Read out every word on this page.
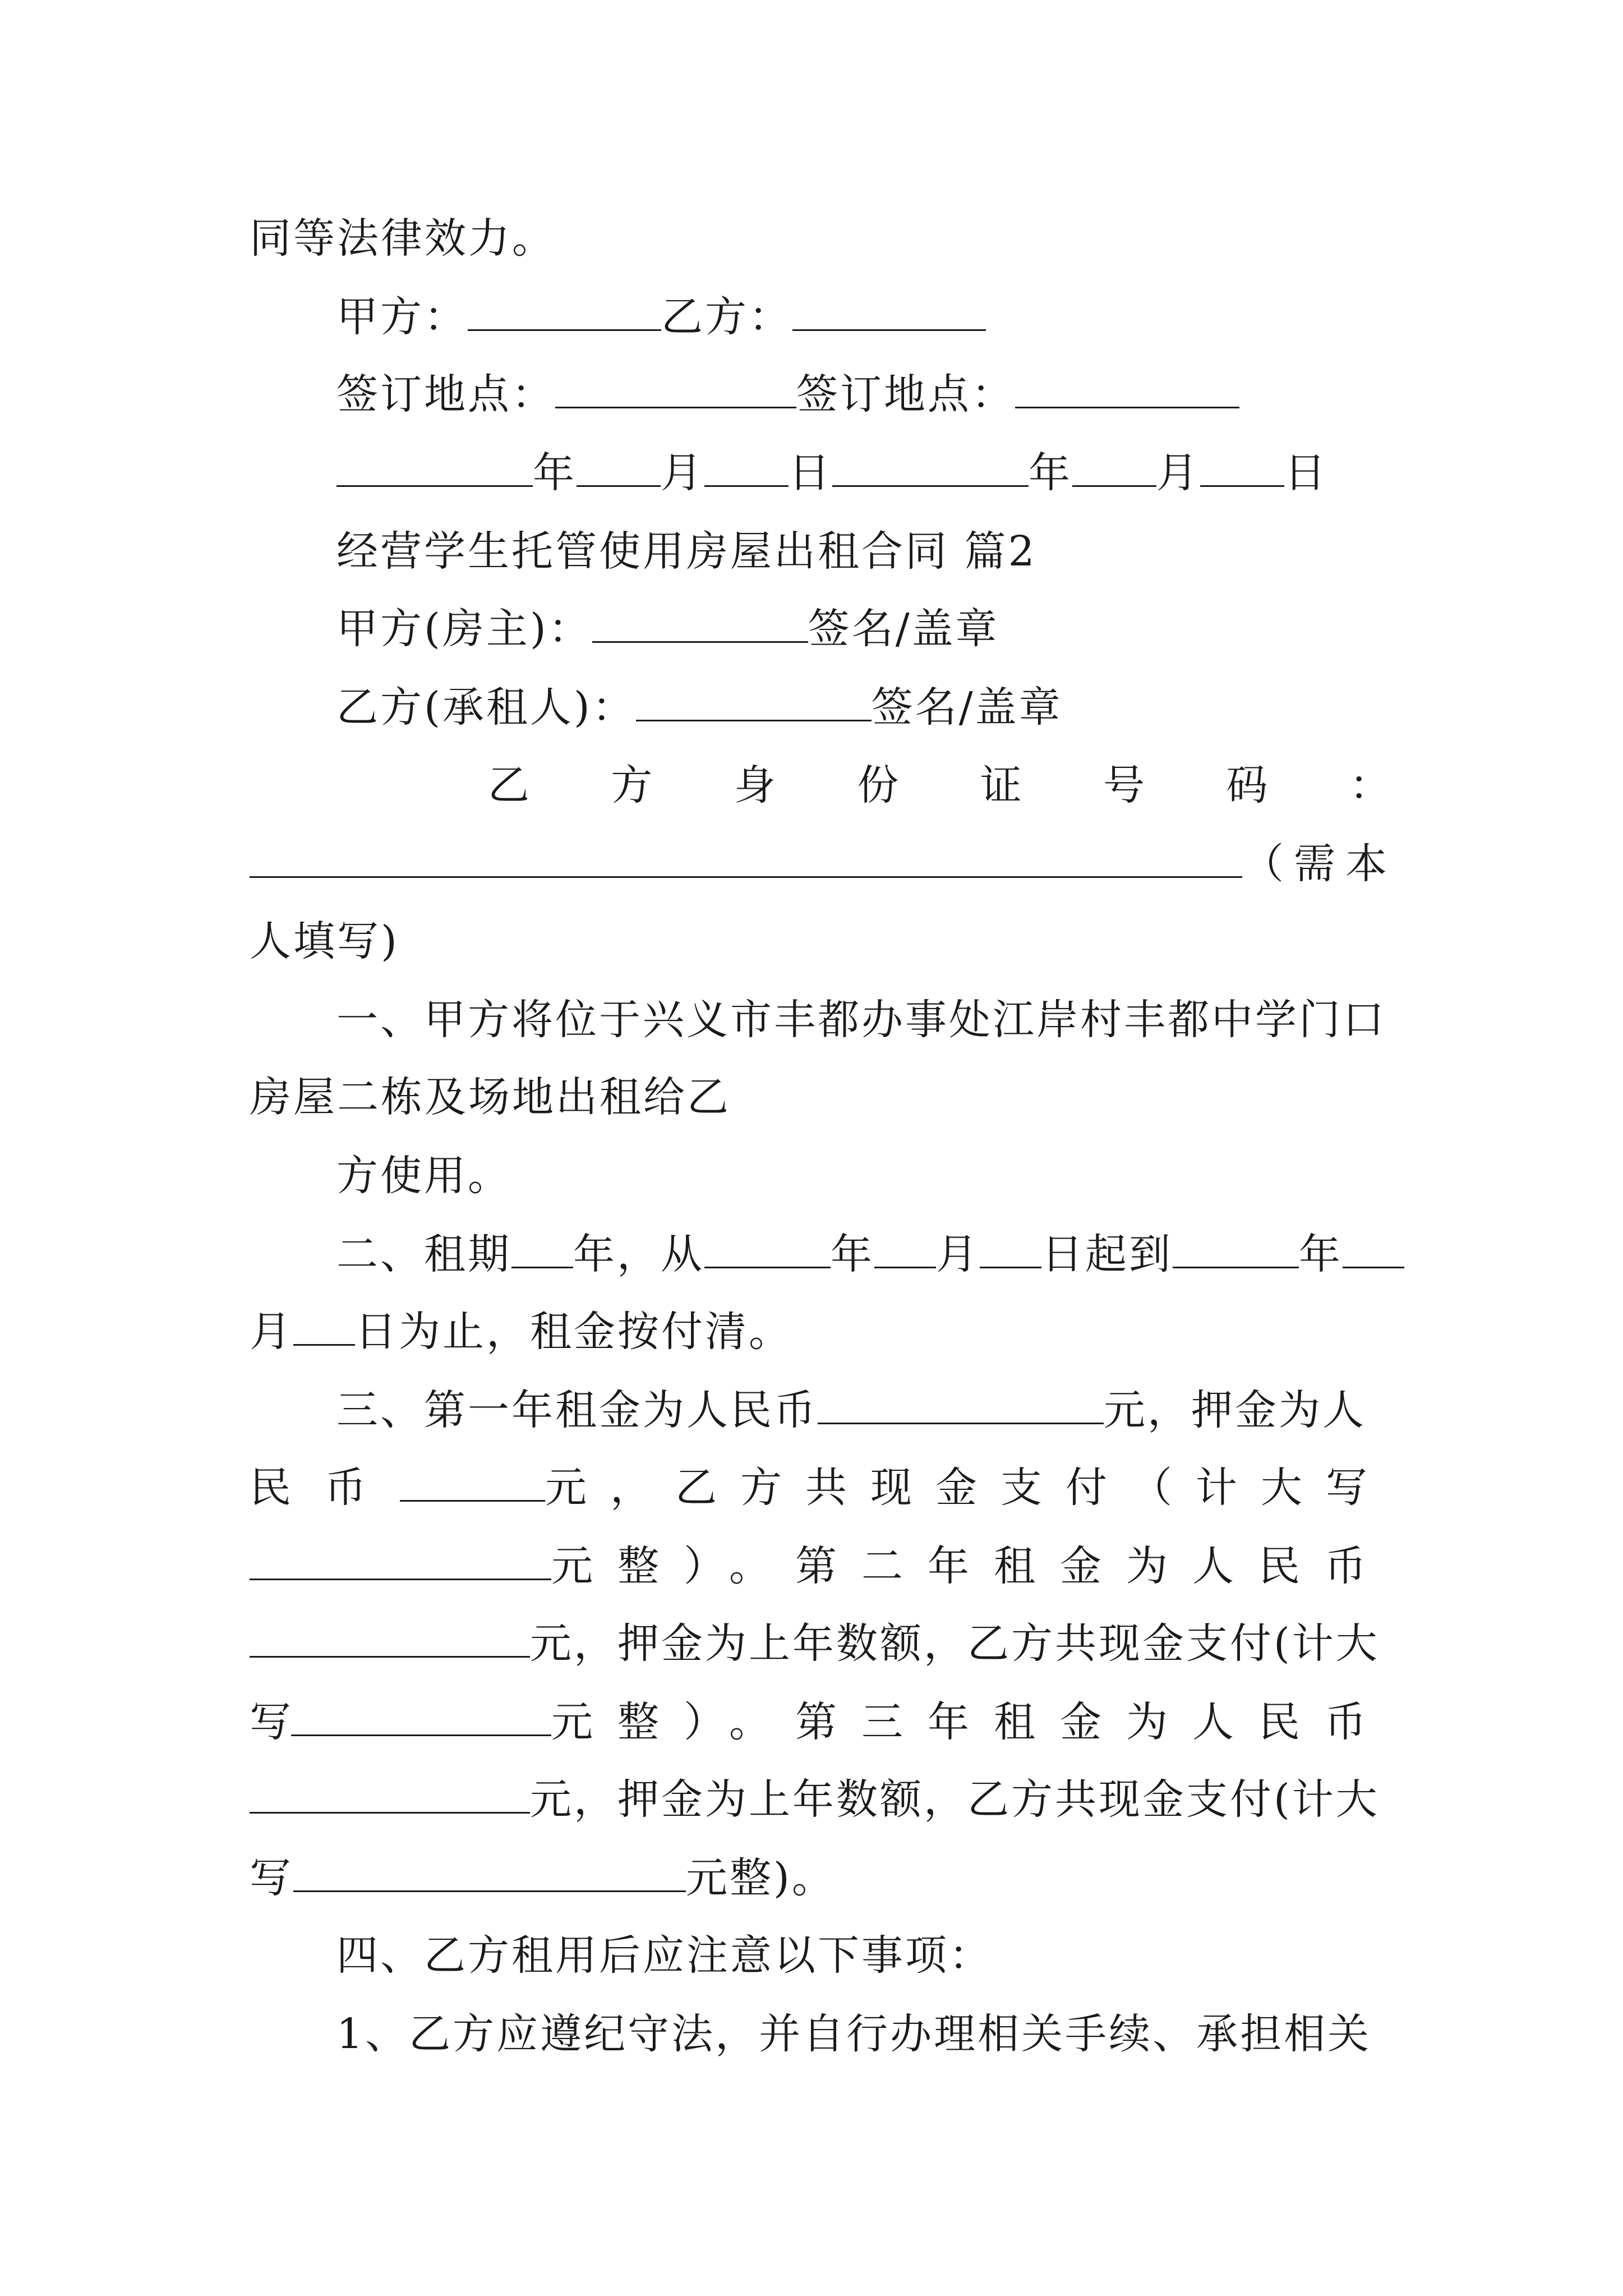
同等法律效力。
甲方：	乙方：
签订地点：	签订地点：
年 月 日	年 月 日
经营学生托管使用房屋出租合同 篇2
甲方(房主)：	签名/盖章
乙方(承租人)：	签名/盖章
乙 方 身 份 证 号 码 ：
（需本
人填写)
一、甲方将位于兴义市丰都办事处江岸村丰都中学门口
房屋二栋及场地出租给乙
方使用。
二、租期 年，从	年 月 日起到	年
月 日为止，租金按付清。
三、第一年租金为人民币	元，押金为人
民币	元，乙方共现金支付（计大写
元整）。第二年租金为人民币
元，押金为上年数额，乙方共现金支付(计大
写	元整）。第三年租金为人民币
元，押金为上年数额，乙方共现金支付(计大
写	元整)。
四、乙方租用后应注意以下事项：
1、乙方应遵纪守法，并自行办理相关手续、承担相关
